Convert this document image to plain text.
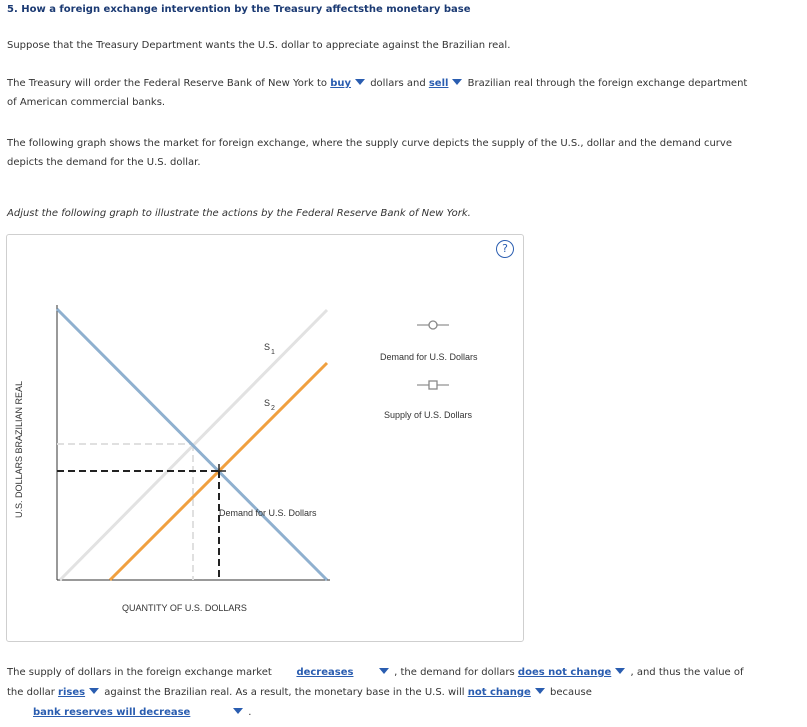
5. How a foreign exchange intervention by the Treasury affectsthe monetary base
Suppose that the Treasury Department wants the U.S. dollar to appreciate against the Brazilian real.
The Treasury will order the Federal Reserve Bank of New York to buy dollars and sell Brazilian real through the foreign exchange department
of American commercial banks.
The following graph shows the market for foreign exchange, where the supply curve depicts the supply of the U.S., dollar and the demand curve
depicts the demand for the U.S. dollar.
Adjust the following graph to illustrate the actions by the Federal Reserve Bank of New York.
?
U.S. DOLLARS BRAZILIAN REAL
S
1
S
2
Demand for U.S. Dollars
QUANTITY OF U.S. DOLLARS
Demand for U.S. Dollars
Supply of U.S. Dollars
The supply of dollars in the foreign exchange market decreases	, the demand for dollars does not change , and thus the value of
the dollar rises against the Brazilian real. As a result, the monetary base in the U.S. will not change because
bank reserves will decrease	.
